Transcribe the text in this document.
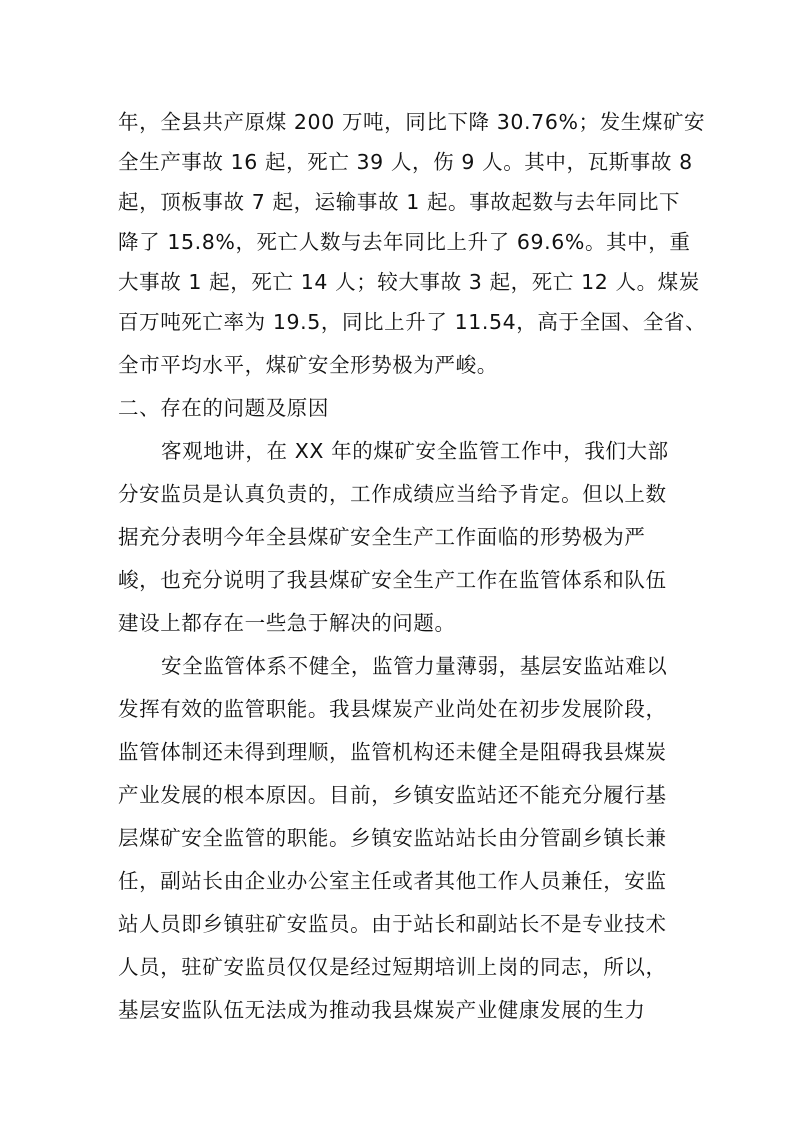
年，全县共产原煤 200 万吨，同比下降 30.76%；发生煤矿安
全生产事故 16 起，死亡 39 人，伤 9 人。其中，瓦斯事故 8
起，顶板事故 7 起，运输事故 1 起。事故起数与去年同比下
降了 15.8%，死亡人数与去年同比上升了 69.6%。其中，重
大事故 1 起，死亡 14 人；较大事故 3 起，死亡 12 人。煤炭
百万吨死亡率为 19.5，同比上升了 11.54，高于全国、全省、
全市平均水平，煤矿安全形势极为严峻。
二、存在的问题及原因
客观地讲，在 XX 年的煤矿安全监管工作中，我们大部
分安监员是认真负责的，工作成绩应当给予肯定。但以上数
据充分表明今年全县煤矿安全生产工作面临的形势极为严
峻，也充分说明了我县煤矿安全生产工作在监管体系和队伍
建设上都存在一些急于解决的问题。
安全监管体系不健全，监管力量薄弱，基层安监站难以
发挥有效的监管职能。我县煤炭产业尚处在初步发展阶段，
监管体制还未得到理顺，监管机构还未健全是阻碍我县煤炭
产业发展的根本原因。目前，乡镇安监站还不能充分履行基
层煤矿安全监管的职能。乡镇安监站站长由分管副乡镇长兼
任，副站长由企业办公室主任或者其他工作人员兼任，安监
站人员即乡镇驻矿安监员。由于站长和副站长不是专业技术
人员，驻矿安监员仅仅是经过短期培训上岗的同志，所以，
基层安监队伍无法成为推动我县煤炭产业健康发展的生力
